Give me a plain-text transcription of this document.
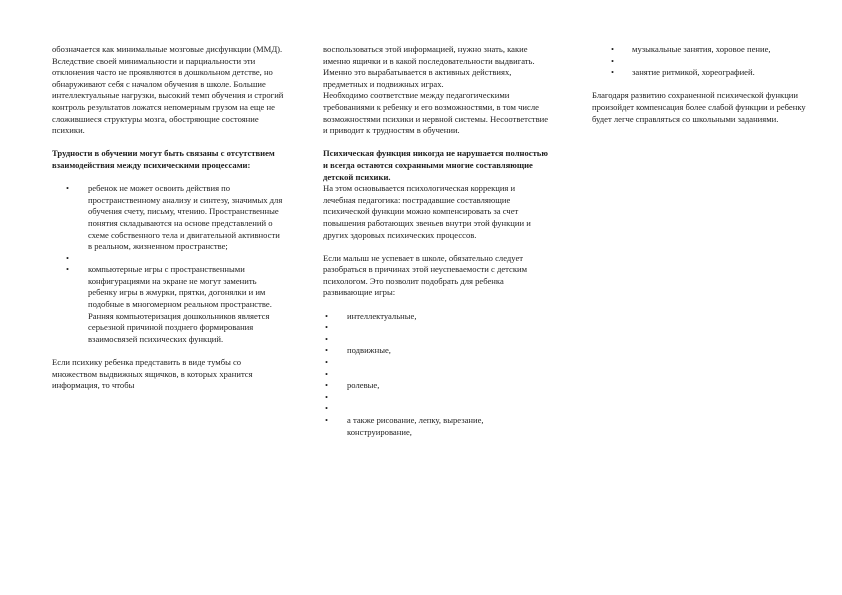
обозначается как минимальные мозговые дисфункции (ММД). Вследствие своей минимальности и парциальности эти отклонения часто не проявляются в дошкольном детстве, но обнаруживают себя с началом обучения в школе. Большие интеллектуальные нагрузки, высокий темп обучения и строгий контроль результатов ложатся непомерным грузом на еще не сложившиеся структуры мозга, обостряющие состояние психики.

Трудности в обучении могут быть связаны с отсутствием взаимодействия между психическими процессами:

• ребенок не может освоить действия по пространственному анализу и синтезу, значимых для обучения счету, письму, чтению. Пространственные понятия складываются на основе представлений о схеме собственного тела и двигательной активности в реальном, жизненном пространстве;
•
• компьютерные игры с пространственными конфигурациями на экране не могут заменить ребенку игры в жмурки, прятки, догонялки и им подобные в многомерном реальном пространстве. Ранняя компьютеризация дошкольников является серьезной причиной позднего формирования взаимосвязей психических функций.

Если психику ребенка представить в виде тумбы со множеством выдвижных ящичков, в которых хранится информация, то чтобы

воспользоваться этой информацией, нужно знать, какие именно ящички и в какой последовательности выдвигать. Именно это вырабатывается в активных действиях, предметных и подвижных играх.

Необходимо соответствие между педагогическими требованиями к ребенку и его возможностями, в том числе возможностями психики и нервной системы. Несоответствие и приводит к трудностям в обучении.

Психическая функция никогда не нарушается полностью и всегда остаются сохранными многие составляющие детской психики.

На этом основывается психологическая коррекция и лечебная педагогика: пострадавшие составляющие психической функции можно компенсировать за счет повышения работающих звеньев внутри этой функции и других здоровых психических процессов.

Если малыш не успевает в школе, обязательно следует разобраться в причинах этой неуспеваемости с детским психологом. Это позволит подобрать для ребенка развивающие игры:

• интеллектуальные,
•
•
• подвижные,
•
•
• ролевые,
•
•
• а также рисование, лепку, вырезание, конструирование,
• музыкальные занятия, хоровое пение,
•
• занятие ритмикой, хореографией.

Благодаря развитию сохраненной психической функции произойдет компенсация более слабой функции и ребенку будет легче справляться со школьными заданиями.
